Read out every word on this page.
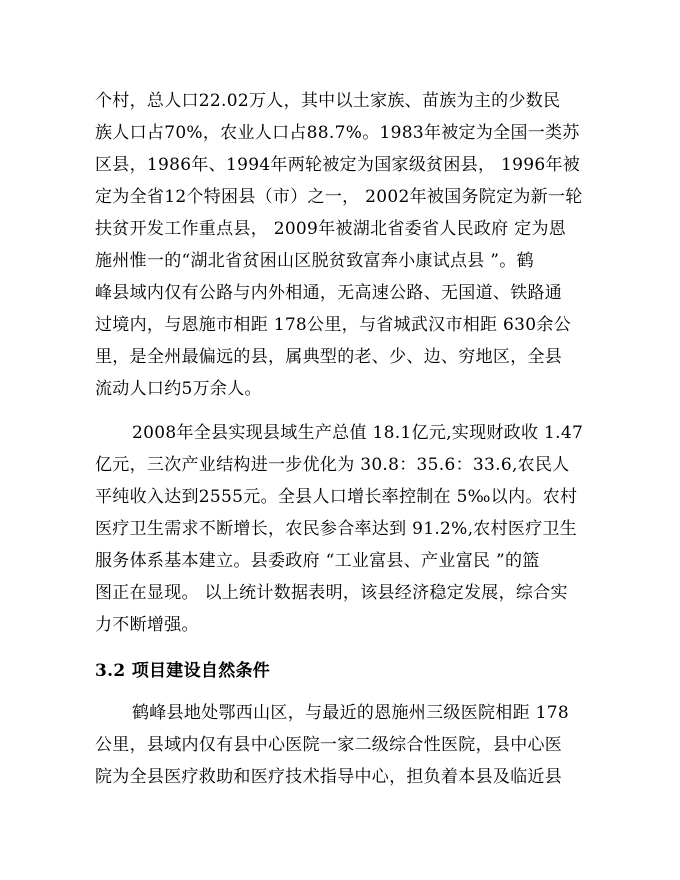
个村，总人口22.02万人，其中以土家族、苗族为主的少数民
族人口占70%，农业人口占88.7%。1983年被定为全国一类苏
区县，1986年、1994年两轮被定为国家级贫困县， 1996年被
定为全省12个特困县（市）之一， 2002年被国务院定为新一轮
扶贫开发工作重点县， 2009年被湖北省委省人民政府 定为恩
施州惟一的“湖北省贫困山区脱贫致富奔小康试点县 ”。鹤
峰县域内仅有公路与内外相通，无高速公路、无国道、铁路通
过境内，与恩施市相距 178公里，与省城武汉市相距 630余公
里，是全州最偏远的县，属典型的老、少、边、穷地区，全县
流动人口约5万余人。
2008年全县实现县域生产总值 18.1亿元,实现财政收 1.47
亿元，三次产业结构进一步优化为 30.8：35.6：33.6,农民人
平纯收入达到2555元。全县人口增长率控制在 5‰以内。农村
医疗卫生需求不断增长，农民参合率达到 91.2%,农村医疗卫生
服务体系基本建立。县委政府 “工业富县、产业富民 ”的篮
图正在显现。 以上统计数据表明，该县经济稳定发展，综合实
力不断增强。
3.2 项目建设自然条件
鹤峰县地处鄂西山区，与最近的恩施州三级医院相距 178
公里，县域内仅有县中心医院一家二级综合性医院，县中心医
院为全县医疗救助和医疗技术指导中心，担负着本县及临近县
